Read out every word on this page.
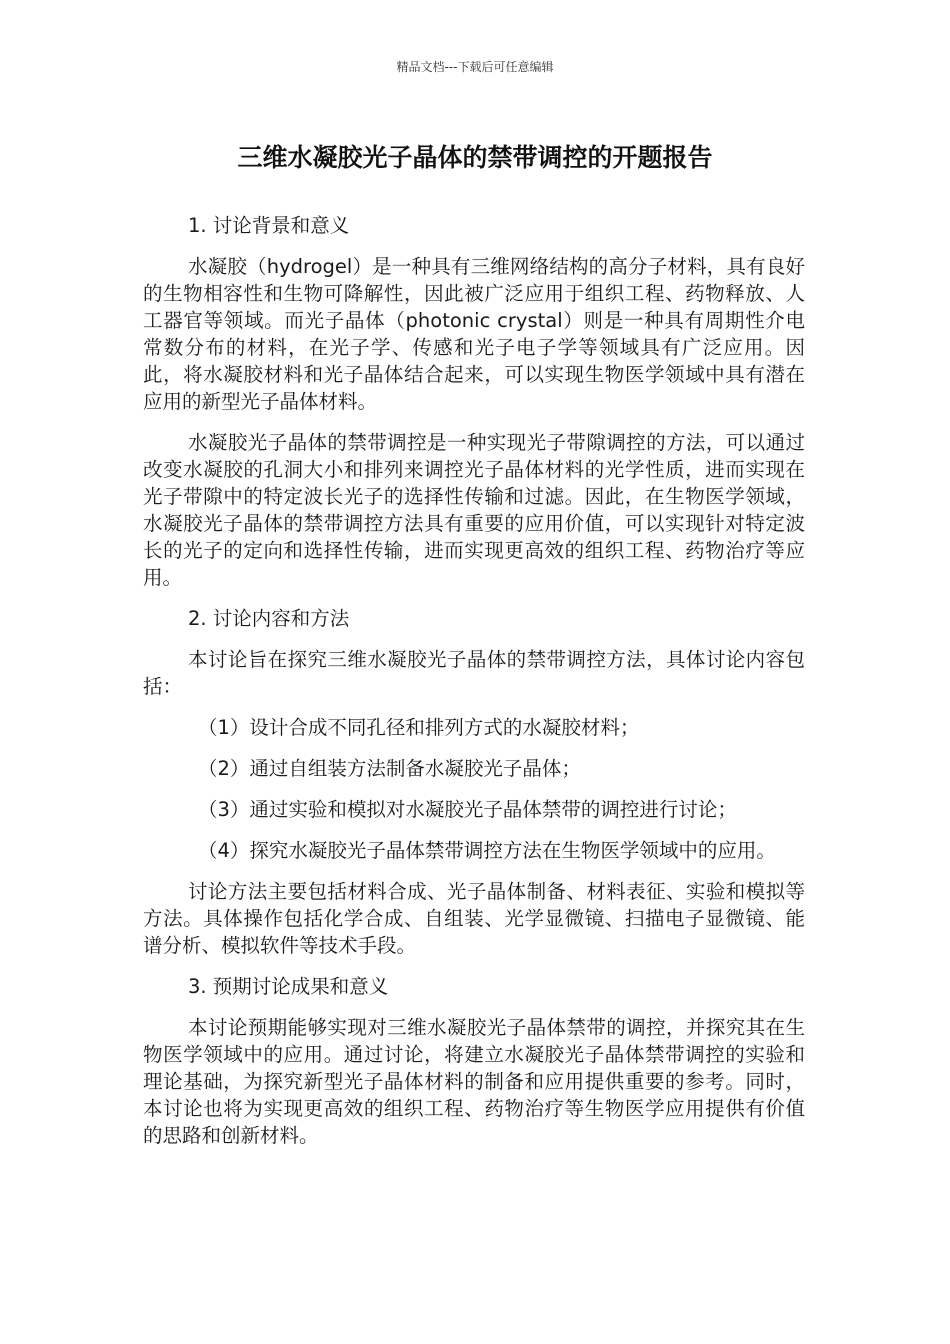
精品文档---下载后可任意编辑
三维水凝胶光子晶体的禁带调控的开题报告

1. 讨论背景和意义

水凝胶（hydrogel）是一种具有三维网络结构的高分子材料，具有良好的生物相容性和生物可降解性，因此被广泛应用于组织工程、药物释放、人工器官等领域。而光子晶体（photonic crystal）则是一种具有周期性介电常数分布的材料，在光子学、传感和光子电子学等领域具有广泛应用。因此，将水凝胶材料和光子晶体结合起来，可以实现生物医学领域中具有潜在应用的新型光子晶体材料。

水凝胶光子晶体的禁带调控是一种实现光子带隙调控的方法，可以通过改变水凝胶的孔洞大小和排列来调控光子晶体材料的光学性质，进而实现在光子带隙中的特定波长光子的选择性传输和过滤。因此，在生物医学领域，水凝胶光子晶体的禁带调控方法具有重要的应用价值，可以实现针对特定波长的光子的定向和选择性传输，进而实现更高效的组织工程、药物治疗等应用。

2. 讨论内容和方法

本讨论旨在探究三维水凝胶光子晶体的禁带调控方法，具体讨论内容包括：

（1）设计合成不同孔径和排列方式的水凝胶材料；

（2）通过自组装方法制备水凝胶光子晶体；

（3）通过实验和模拟对水凝胶光子晶体禁带的调控进行讨论；

（4）探究水凝胶光子晶体禁带调控方法在生物医学领域中的应用。

讨论方法主要包括材料合成、光子晶体制备、材料表征、实验和模拟等方法。具体操作包括化学合成、自组装、光学显微镜、扫描电子显微镜、能谱分析、模拟软件等技术手段。

3. 预期讨论成果和意义

本讨论预期能够实现对三维水凝胶光子晶体禁带的调控，并探究其在生物医学领域中的应用。通过讨论，将建立水凝胶光子晶体禁带调控的实验和理论基础，为探究新型光子晶体材料的制备和应用提供重要的参考。同时，本讨论也将为实现更高效的组织工程、药物治疗等生物医学应用提供有价值的思路和创新材料。
